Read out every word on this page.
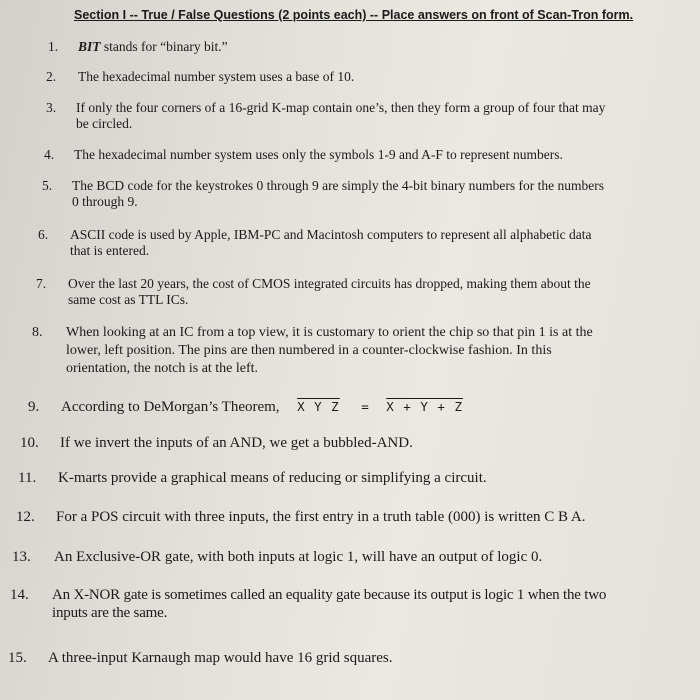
Section I -- True / False Questions (2 points each) -- Place answers on front of Scan-Tron form.
1. BIT stands for “binary bit.”
2. The hexadecimal number system uses a base of 10.
3. If only the four corners of a 16-grid K-map contain one’s, then they form a group of four that may
be circled.
4. The hexadecimal number system uses only the symbols 1-9 and A-F to represent numbers.
5. The BCD code for the keystrokes 0 through 9 are simply the 4-bit binary numbers for the numbers
0 through 9.
6. ASCII code is used by Apple, IBM-PC and Macintosh computers to represent all alphabetic data
that is entered.
7. Over the last 20 years, the cost of CMOS integrated circuits has dropped, making them about the
same cost as TTL ICs.
8. When looking at an IC from a top view, it is customary to orient the chip so that pin 1 is at the
lower, left position. The pins are then numbered in a counter-clockwise fashion. In this
orientation, the notch is at the left.
9. According to DeMorgan’s Theorem, X Y Z = X + Y + Z
10. If we invert the inputs of an AND, we get a bubbled-AND.
11. K-marts provide a graphical means of reducing or simplifying a circuit.
12. For a POS circuit with three inputs, the first entry in a truth table (000) is written C B A.
13. An Exclusive-OR gate, with both inputs at logic 1, will have an output of logic 0.
14. An X-NOR gate is sometimes called an equality gate because its output is logic 1 when the two
inputs are the same.
15. A three-input Karnaugh map would have 16 grid squares.
